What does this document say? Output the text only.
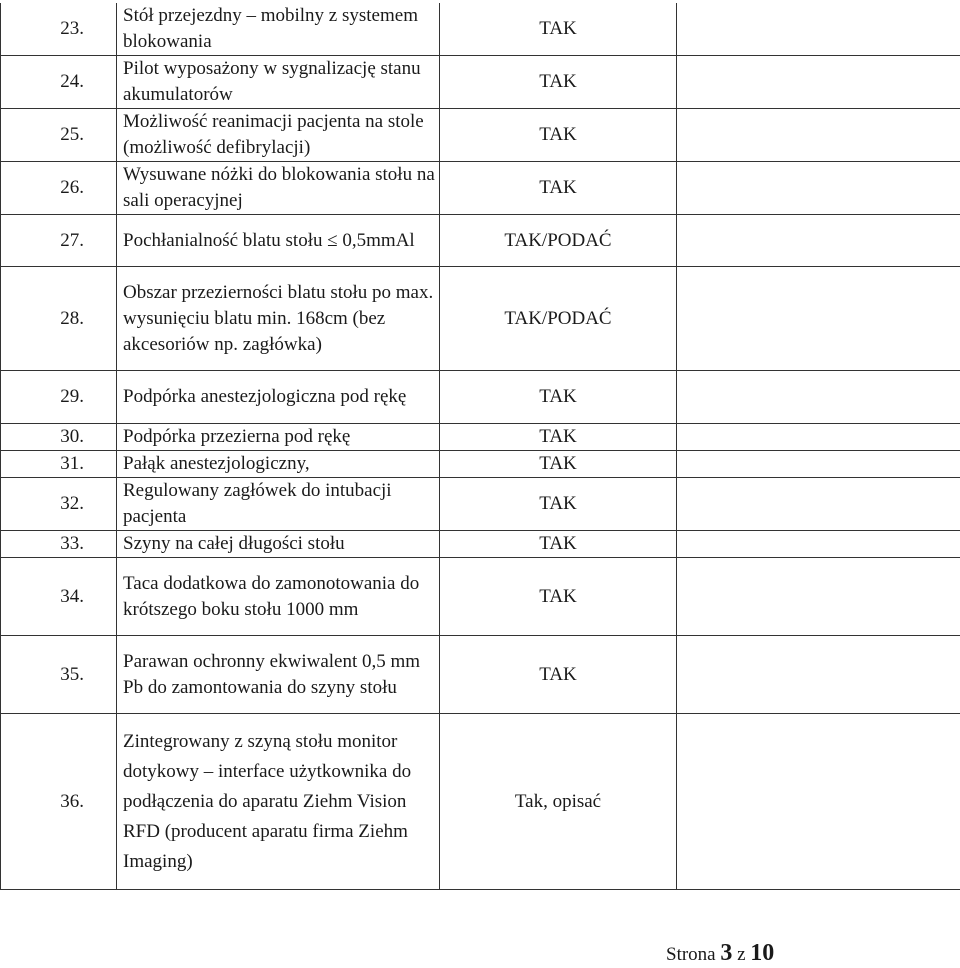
23.	Stół przejezdny – mobilny z systemem blokowania	TAK	
24.	Pilot wyposażony w sygnalizację stanu akumulatorów	TAK	
25.	Możliwość reanimacji pacjenta na stole (możliwość defibrylacji)	TAK	
26.	Wysuwane nóżki do blokowania stołu na sali operacyjnej	TAK	
27.	Pochłanialność blatu stołu ≤ 0,5mmAl	TAK/PODAĆ	
28.	Obszar przezierności blatu stołu po max. wysunięciu blatu min. 168cm (bez akcesoriów np. zagłówka)	TAK/PODAĆ	
29.	Podpórka anestezjologiczna pod rękę	TAK	
30.	Podpórka przezierna pod rękę	TAK	
31.	Pałąk anestezjologiczny,	TAK	
32.	Regulowany zagłówek do intubacji pacjenta	TAK	
33.	Szyny na całej długości stołu	TAK	
34.	Taca dodatkowa do zamonotowania do krótszego boku stołu 1000 mm	TAK	
35.	Parawan ochronny ekwiwalent 0,5 mm Pb do zamontowania do szyny stołu	TAK	
36.	Zintegrowany z szyną stołu monitor dotykowy – interface użytkownika do podłączenia do aparatu Ziehm Vision RFD (producent aparatu firma Ziehm Imaging)	Tak, opisać	
Strona 3 z 10
